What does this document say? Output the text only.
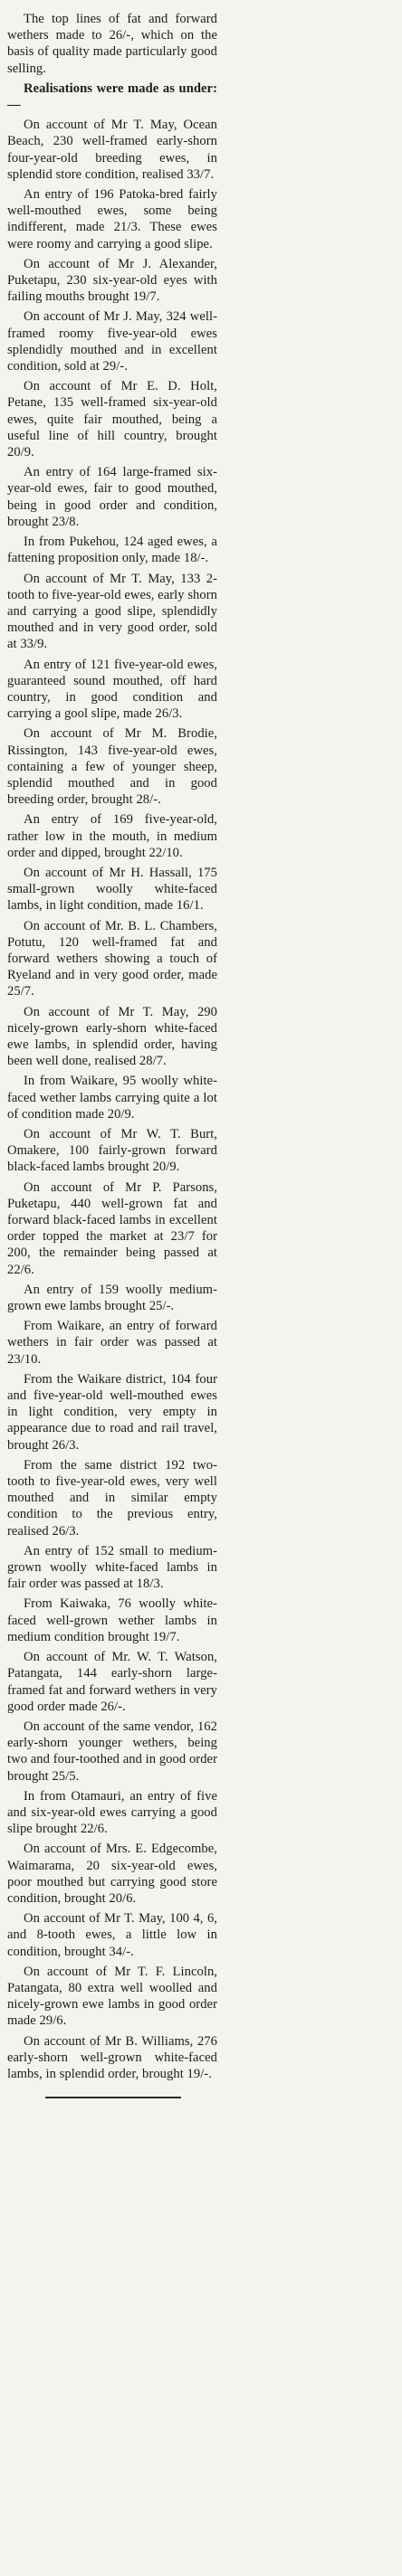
The top lines of fat and forward wethers made to 26/-, which on the basis of quality made particularly good selling.

Realisations were made as under:—

On account of Mr T. May, Ocean Beach, 230 well-framed early-shorn four-year-old breeding ewes, in splendid store condition, realised 33/7.

An entry of 196 Patoka-bred fairly well-mouthed ewes, some being indifferent, made 21/3. These ewes were roomy and carrying a good slipe.

On account of Mr J. Alexander, Puketapu, 230 six-year-old eyes with failing mouths brought 19/7.

On account of Mr J. May, 324 well-framed roomy five-year-old ewes splendidly mouthed and in excellent condition, sold at 29/-.

On account of Mr E. D. Holt, Petane, 135 well-framed six-year-old ewes, quite fair mouthed, being a useful line of hill country, brought 20/9.

An entry of 164 large-framed six-year-old ewes, fair to good mouthed, being in good order and condition, brought 23/8.

In from Pukehou, 124 aged ewes, a fattening proposition only, made 18/-.

On account of Mr T. May, 133 2-tooth to five-year-old ewes, early shorn and carrying a good slipe, splendidly mouthed and in very good order, sold at 33/9.

An entry of 121 five-year-old ewes, guaranteed sound mouthed, off hard country, in good condition and carrying a gool slipe, made 26/3.

On account of Mr M. Brodie, Rissington, 143 five-year-old ewes, containing a few of younger sheep, splendid mouthed and in good breeding order, brought 28/-.

An entry of 169 five-year-old, rather low in the mouth, in medium order and dipped, brought 22/10.

On account of Mr H. Hassall, 175 small-grown woolly white-faced lambs, in light condition, made 16/1.

On account of Mr. B. L. Chambers, Potutu, 120 well-framed fat and forward wethers showing a touch of Ryeland and in very good order, made 25/7.

On account of Mr T. May, 290 nicely-grown early-shorn white-faced ewe lambs, in splendid order, having been well done, realised 28/7.

In from Waikare, 95 woolly white-faced wether lambs carrying quite a lot of condition made 20/9.

On account of Mr W. T. Burt, Omakere, 100 fairly-grown forward black-faced lambs brought 20/9.

On account of Mr P. Parsons, Puketapu, 440 well-grown fat and forward black-faced lambs in excellent order topped the market at 23/7 for 200, the remainder being passed at 22/6.

An entry of 159 woolly medium-grown ewe lambs brought 25/-.

From Waikare, an entry of forward wethers in fair order was passed at 23/10.

From the Waikare district, 104 four and five-year-old well-mouthed ewes in light condition, very empty in appearance due to road and rail travel, brought 26/3.

From the same district 192 two-tooth to five-year-old ewes, very well mouthed and in similar empty condition to the previous entry, realised 26/3.

An entry of 152 small to medium-grown woolly white-faced lambs in fair order was passed at 18/3.

From Kaiwaka, 76 woolly white-faced well-grown wether lambs in medium condition brought 19/7.

On account of Mr. W. T. Watson, Patangata, 144 early-shorn large-framed fat and forward wethers in very good order made 26/-.

On account of the same vendor, 162 early-shorn younger wethers, being two and four-toothed and in good order brought 25/5.

In from Otamauri, an entry of five and six-year-old ewes carrying a good slipe brought 22/6.

On account of Mrs. E. Edgecombe, Waimarama, 20 six-year-old ewes, poor mouthed but carrying good store condition, brought 20/6.

On account of Mr T. May, 100 4, 6, and 8-tooth ewes, a little low in condition, brought 34/-.

On account of Mr T. F. Lincoln, Patangata, 80 extra well woolled and nicely-grown ewe lambs in good order made 29/6.

On account of Mr B. Williams, 276 early-shorn well-grown white-faced lambs, in splendid order, brought 19/-.
